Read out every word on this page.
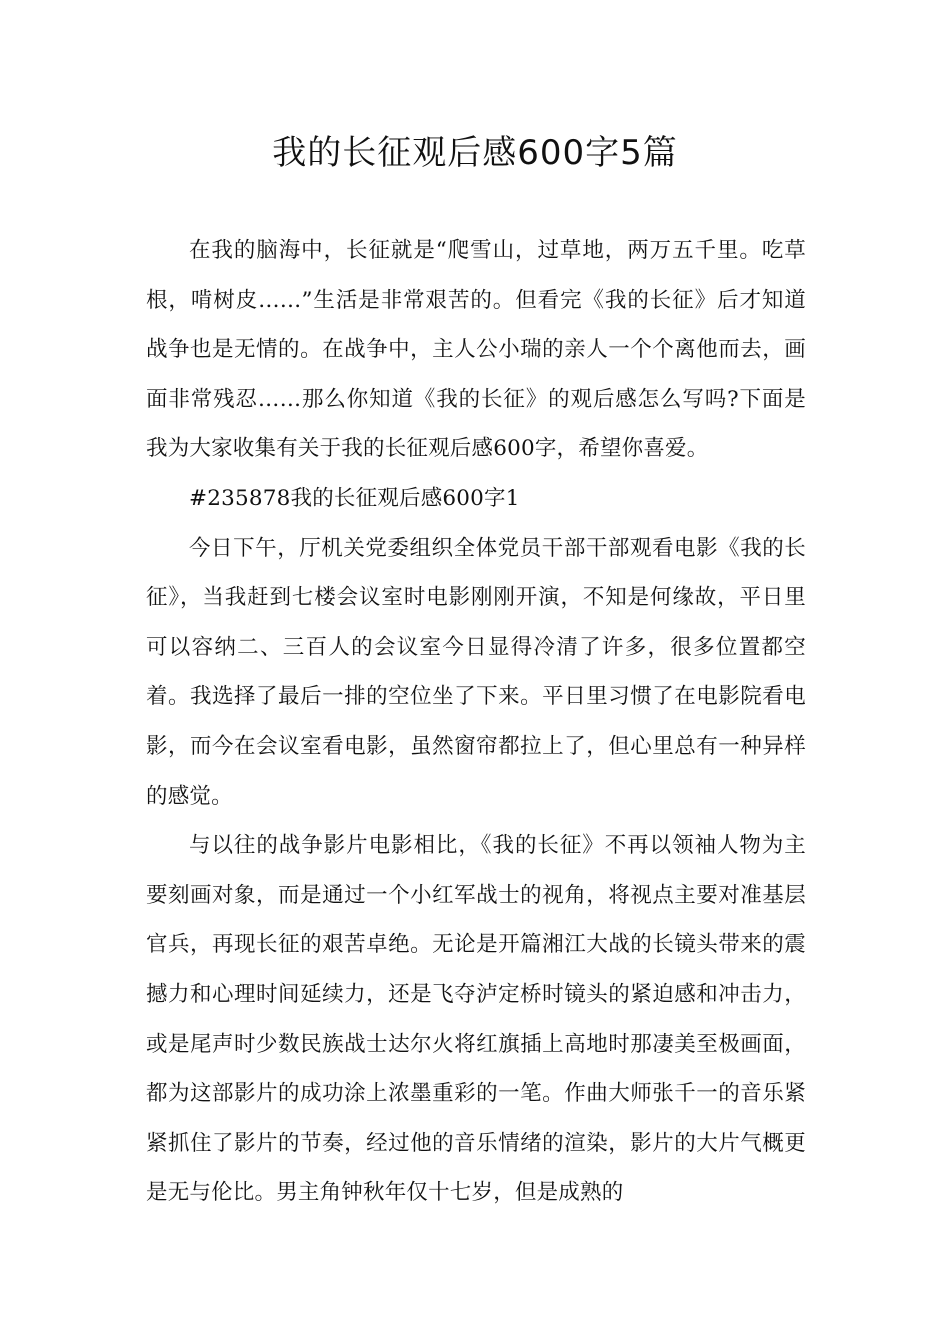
我的长征观后感600字5篇

在我的脑海中，长征就是“爬雪山，过草地，两万五千里。吃草根，啃树皮……”生活是非常艰苦的。但看完《我的长征》后才知道战争也是无情的。在战争中，主人公小瑞的亲人一个个离他而去，画面非常残忍……那么你知道《我的长征》的观后感怎么写吗?下面是我为大家收集有关于我的长征观后感600字，希望你喜爱。

#235878我的长征观后感600字1

今日下午，厅机关党委组织全体党员干部干部观看电影《我的长征》，当我赶到七楼会议室时电影刚刚开演，不知是何缘故，平日里可以容纳二、三百人的会议室今日显得冷清了许多，很多位置都空着。我选择了最后一排的空位坐了下来。平日里习惯了在电影院看电影，而今在会议室看电影，虽然窗帘都拉上了，但心里总有一种异样的感觉。

与以往的战争影片电影相比，《我的长征》不再以领袖人物为主要刻画对象，而是通过一个小红军战士的视角，将视点主要对准基层官兵，再现长征的艰苦卓绝。无论是开篇湘江大战的长镜头带来的震撼力和心理时间延续力，还是飞夺泸定桥时镜头的紧迫感和冲击力，或是尾声时少数民族战士达尔火将红旗插上高地时那凄美至极画面，都为这部影片的成功涂上浓墨重彩的一笔。作曲大师张千一的音乐紧紧抓住了影片的节奏，经过他的音乐情绪的渲染，影片的大片气概更是无与伦比。男主角钟秋年仅十七岁，但是成熟的
